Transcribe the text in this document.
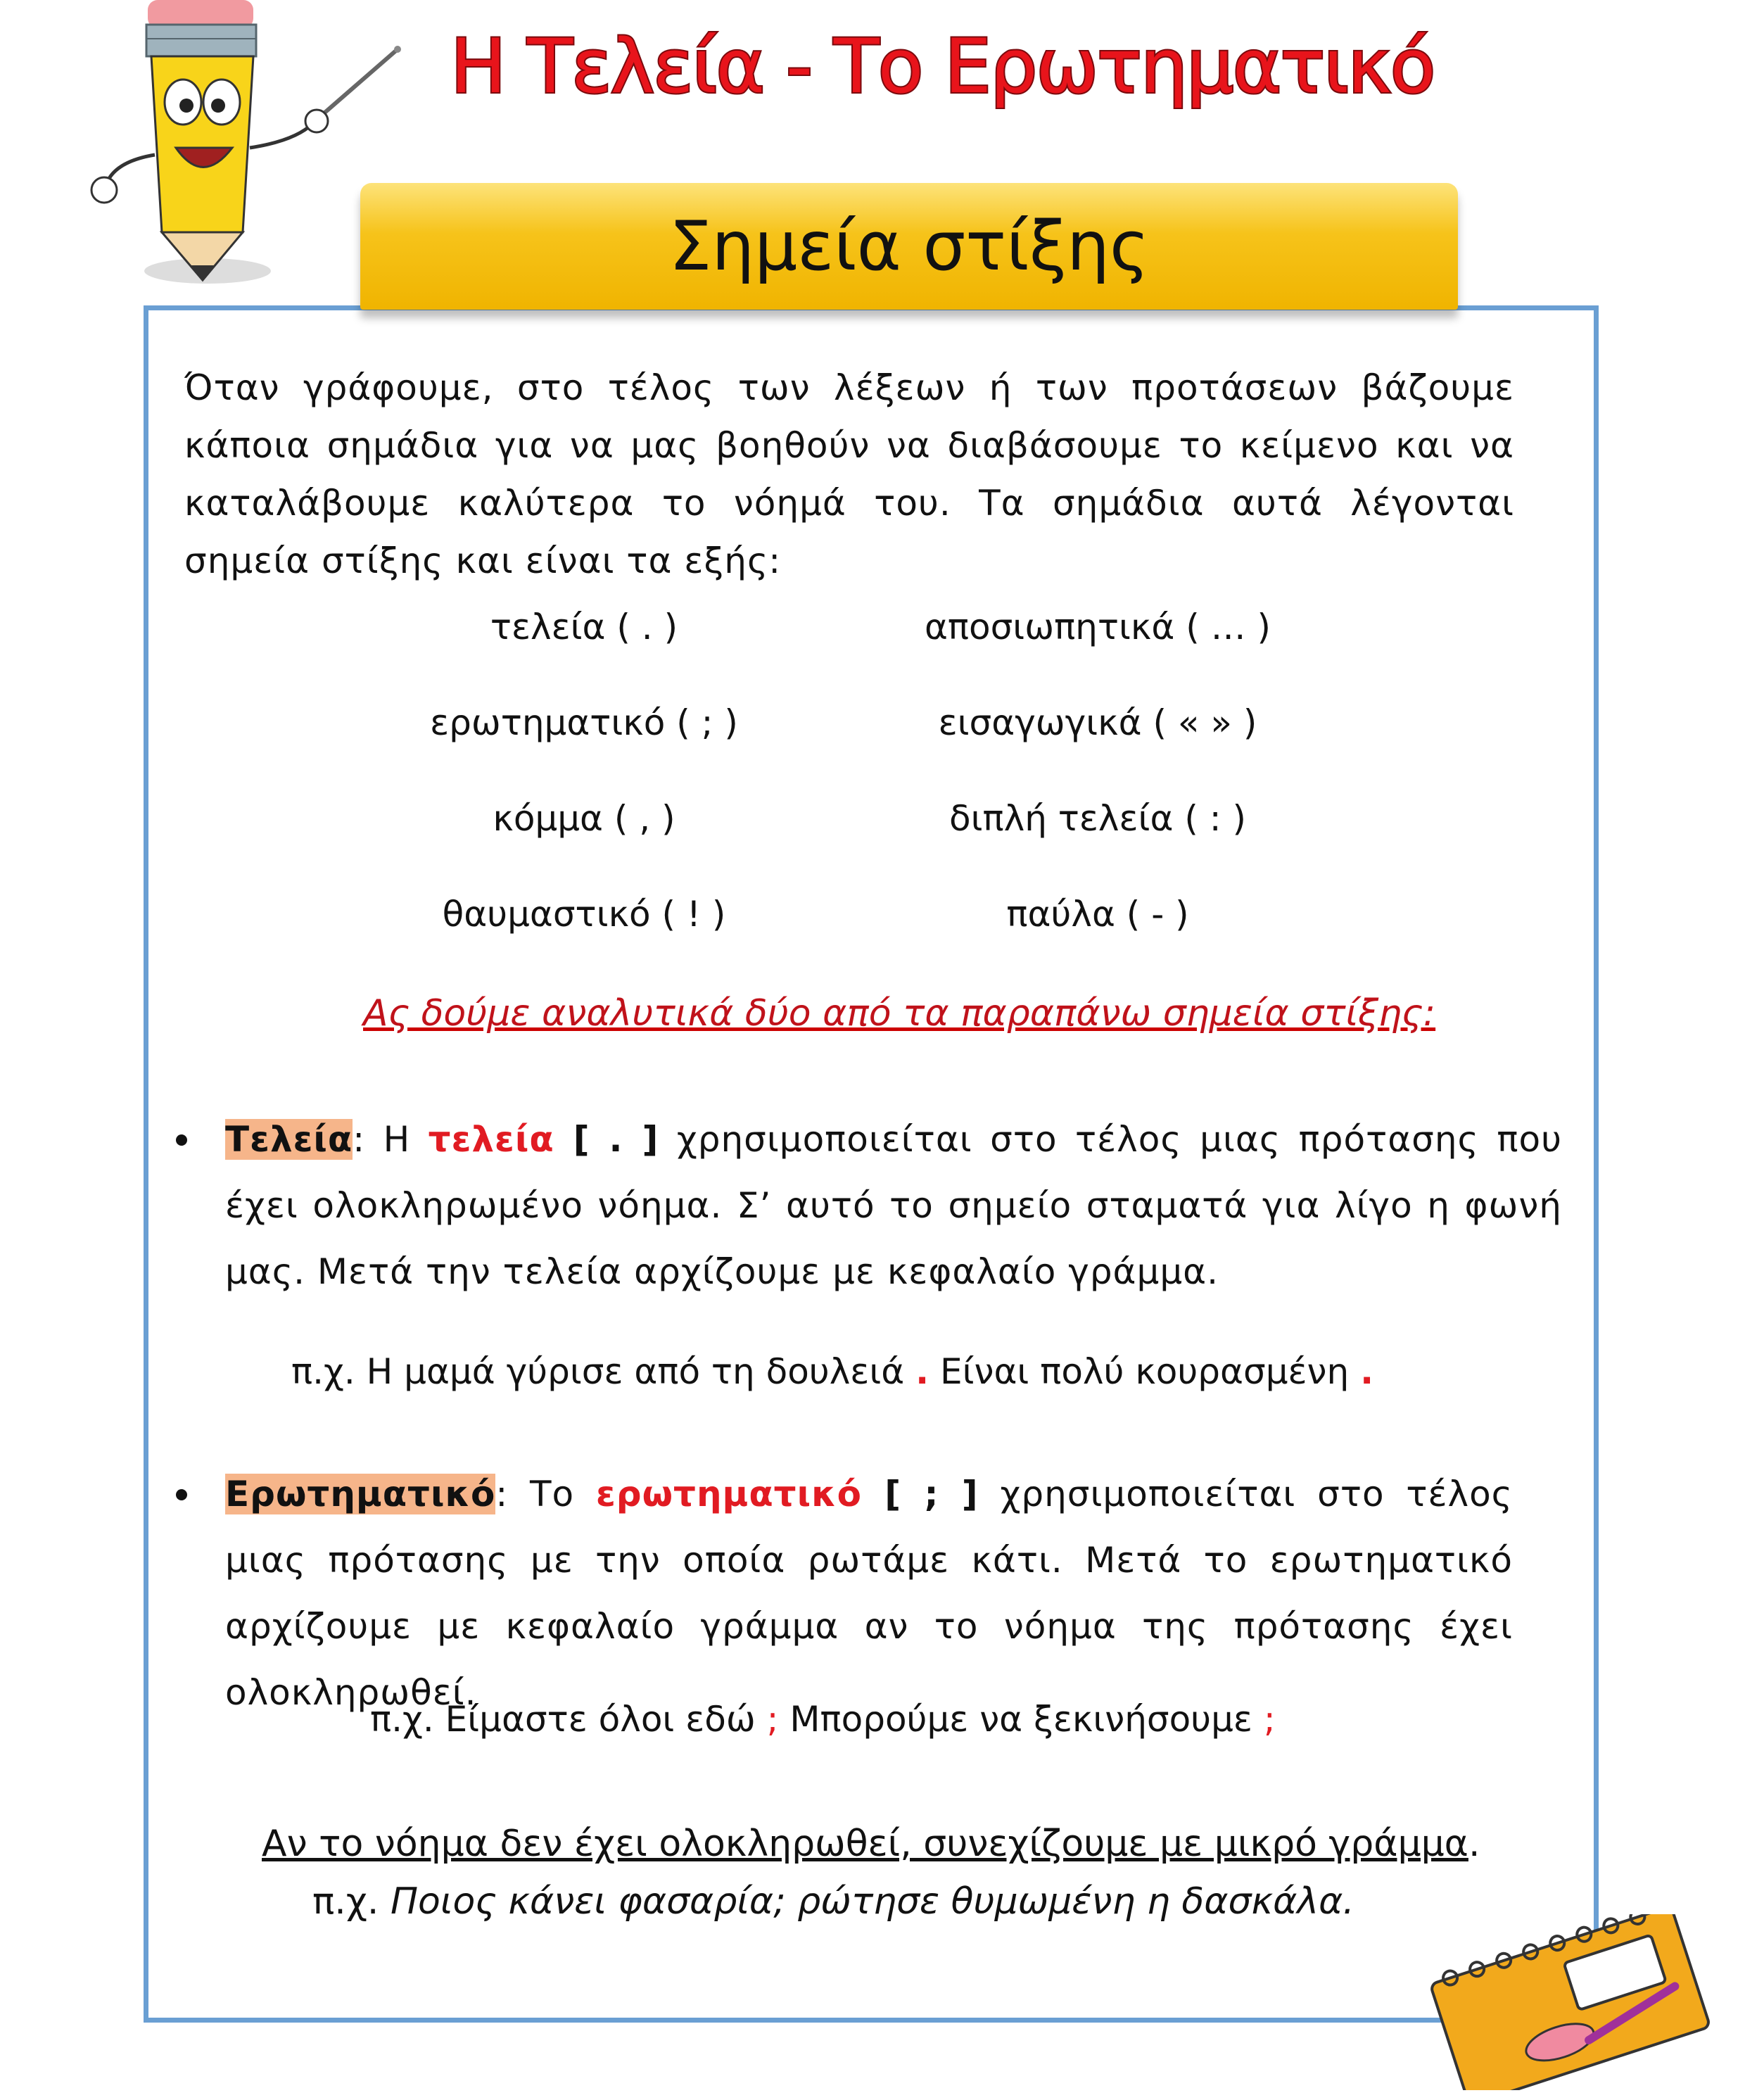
Η Τελεία - Το Ερωτηματικό
Σημεία στίξης
Όταν γράφουμε, στο τέλος των λέξεων ή των προτάσεων βάζουμε κάποια σημάδια για να μας βοηθούν να διαβάσουμε το κείμενο και να καταλάβουμε καλύτερα το νόημά του. Τα σημάδια αυτά λέγονται σημεία στίξης και είναι τα εξής:
τελεία ( . )	αποσιωπητικά ( … )
ερωτηματικό ( ; )	εισαγωγικά ( « » )
κόμμα ( , )	διπλή τελεία ( : )
θαυμαστικό ( ! )	παύλα ( - )
Ας δούμε αναλυτικά δύο από τα παραπάνω σημεία στίξης:
Τελεία: Η τελεία [ . ] χρησιμοποιείται στο τέλος μιας πρότασης που έχει ολοκληρωμένο νόημα. Σ’ αυτό το σημείο σταματά για λίγο η φωνή μας. Μετά την τελεία αρχίζουμε με κεφαλαίο γράμμα.
π.χ. Η μαμά γύρισε από τη δουλειά . Είναι πολύ κουρασμένη .
Ερωτηματικό: Το ερωτηματικό [ ; ] χρησιμοποιείται στο τέλος μιας πρότασης με την οποία ρωτάμε κάτι. Μετά το ερωτηματικό αρχίζουμε με κεφαλαίο γράμμα αν το νόημα της πρότασης έχει ολοκληρωθεί.
π.χ. Είμαστε όλοι εδώ ; Μπορούμε να ξεκινήσουμε ;
Αν το νόημα δεν έχει ολοκληρωθεί, συνεχίζουμε με μικρό γράμμα.
π.χ. Ποιος κάνει φασαρία; ρώτησε θυμωμένη η δασκάλα.
